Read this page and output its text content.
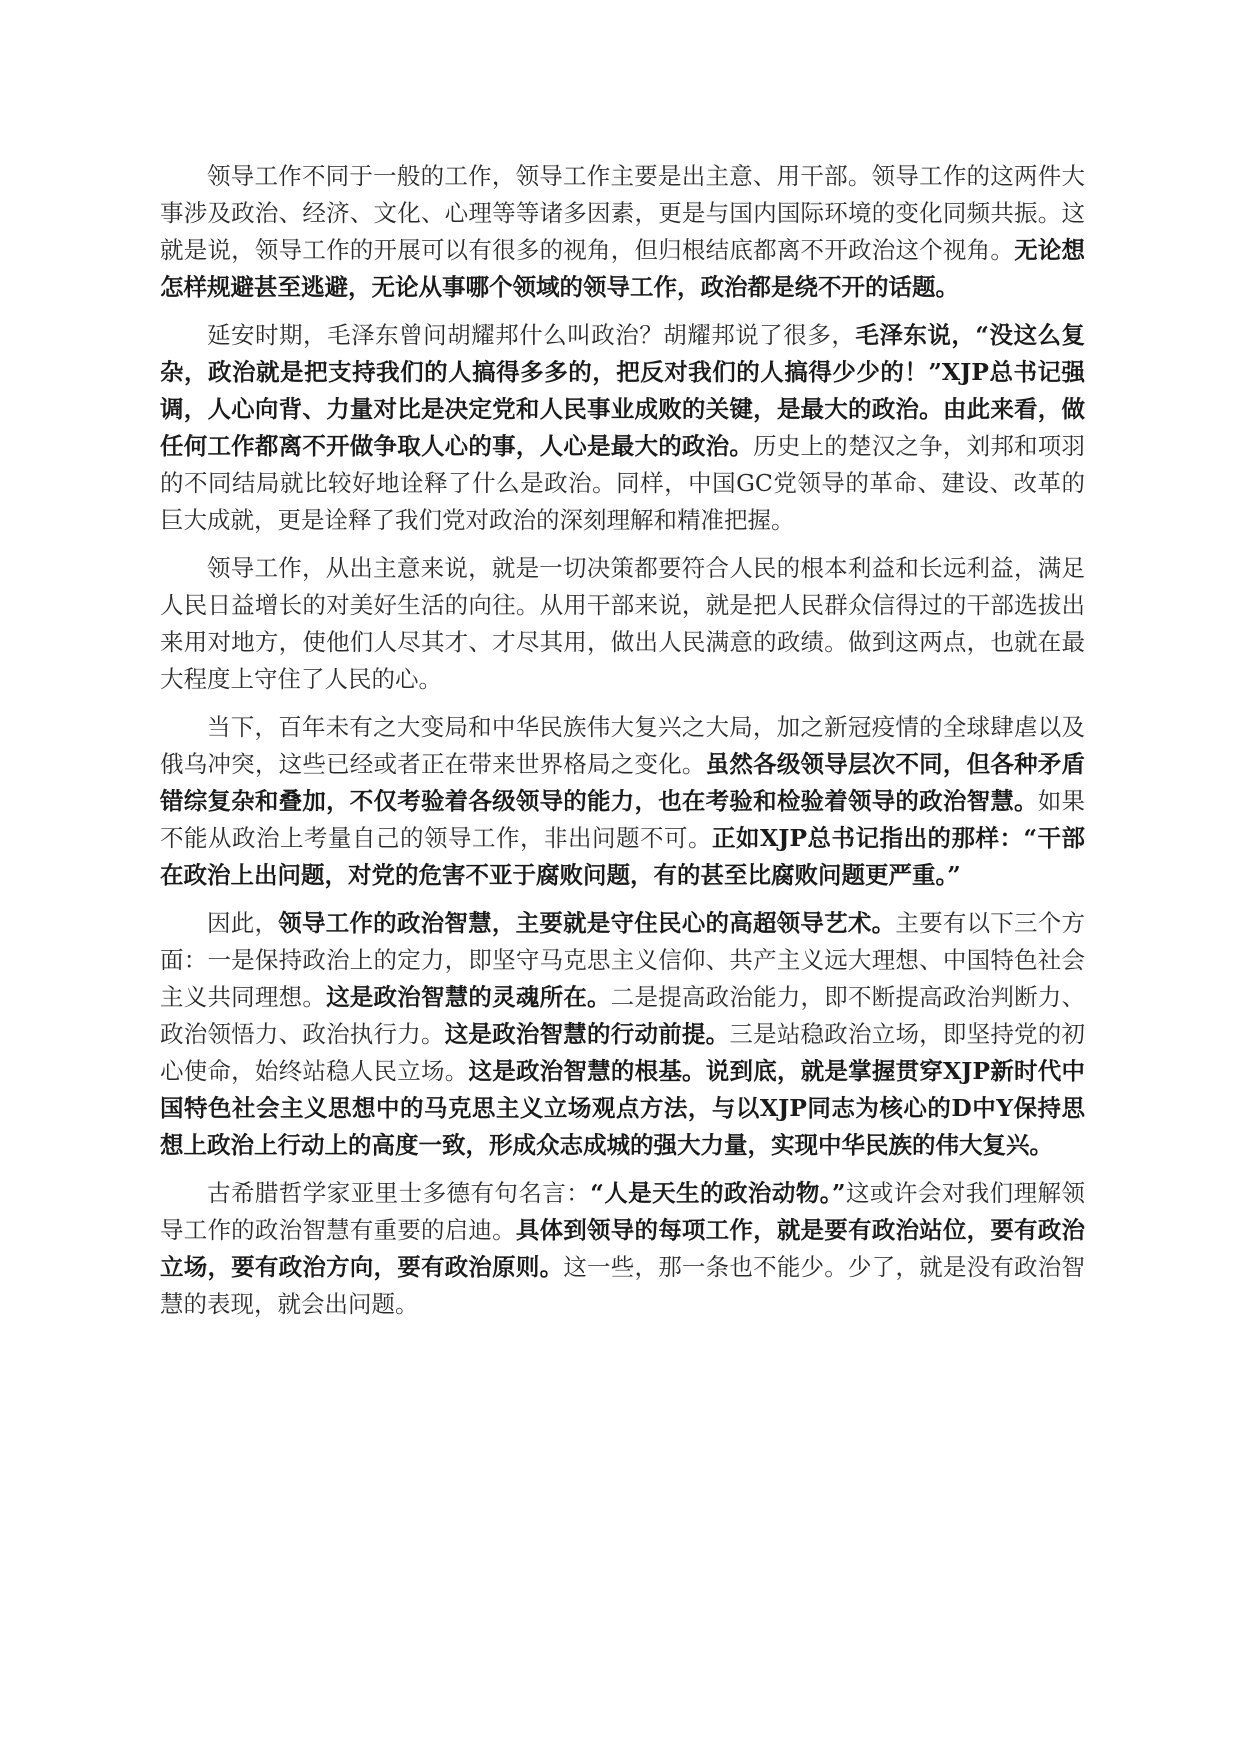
领导工作不同于一般的工作，领导工作主要是出主意、用干部。领导工作的这两件大事涉及政治、经济、文化、心理等等诸多因素，更是与国内国际环境的变化同频共振。这就是说，领导工作的开展可以有很多的视角，但归根结底都离不开政治这个视角。无论想怎样规避甚至逃避，无论从事哪个领域的领导工作，政治都是绕不开的话题。

延安时期，毛泽东曾问胡耀邦什么叫政治？胡耀邦说了很多，毛泽东说，“没这么复杂，政治就是把支持我们的人搞得多多的，把反对我们的人搞得少少的！”XJP总书记强调，人心向背、力量对比是决定党和人民事业成败的关键，是最大的政治。由此来看，做任何工作都离不开做争取人心的事，人心是最大的政治。历史上的楚汉之争，刘邦和项羽的不同结局就比较好地诠释了什么是政治。同样，中国GC党领导的革命、建设、改革的巨大成就，更是诠释了我们党对政治的深刻理解和精准把握。

领导工作，从出主意来说，就是一切决策都要符合人民的根本利益和长远利益，满足人民日益增长的对美好生活的向往。从用干部来说，就是把人民群众信得过的干部选拔出来用对地方，使他们人尽其才、才尽其用，做出人民满意的政绩。做到这两点，也就在最大程度上守住了人民的心。

当下，百年未有之大变局和中华民族伟大复兴之大局，加之新冠疫情的全球肆虐以及俄乌冲突，这些已经或者正在带来世界格局之变化。虽然各级领导层次不同，但各种矛盾错综复杂和叠加，不仅考验着各级领导的能力，也在考验和检验着领导的政治智慧。如果不能从政治上考量自己的领导工作，非出问题不可。正如XJP总书记指出的那样：“干部在政治上出问题，对党的危害不亚于腐败问题，有的甚至比腐败问题更严重。”

因此，领导工作的政治智慧，主要就是守住民心的高超领导艺术。主要有以下三个方面：一是保持政治上的定力，即坚守马克思主义信仰、共产主义远大理想、中国特色社会主义共同理想。这是政治智慧的灵魂所在。二是提高政治能力，即不断提高政治判断力、政治领悟力、政治执行力。这是政治智慧的行动前提。三是站稳政治立场，即坚持党的初心使命，始终站稳人民立场。这是政治智慧的根基。说到底，就是掌握贯穿XJP新时代中国特色社会主义思想中的马克思主义立场观点方法，与以XJP同志为核心的D中Y保持思想上政治上行动上的高度一致，形成众志成城的强大力量，实现中华民族的伟大复兴。

古希腊哲学家亚里士多德有句名言：“人是天生的政治动物。”这或许会对我们理解领导工作的政治智慧有重要的启迪。具体到领导的每项工作，就是要有政治站位，要有政治立场，要有政治方向，要有政治原则。这一些，那一条也不能少。少了，就是没有政治智慧的表现，就会出问题。
